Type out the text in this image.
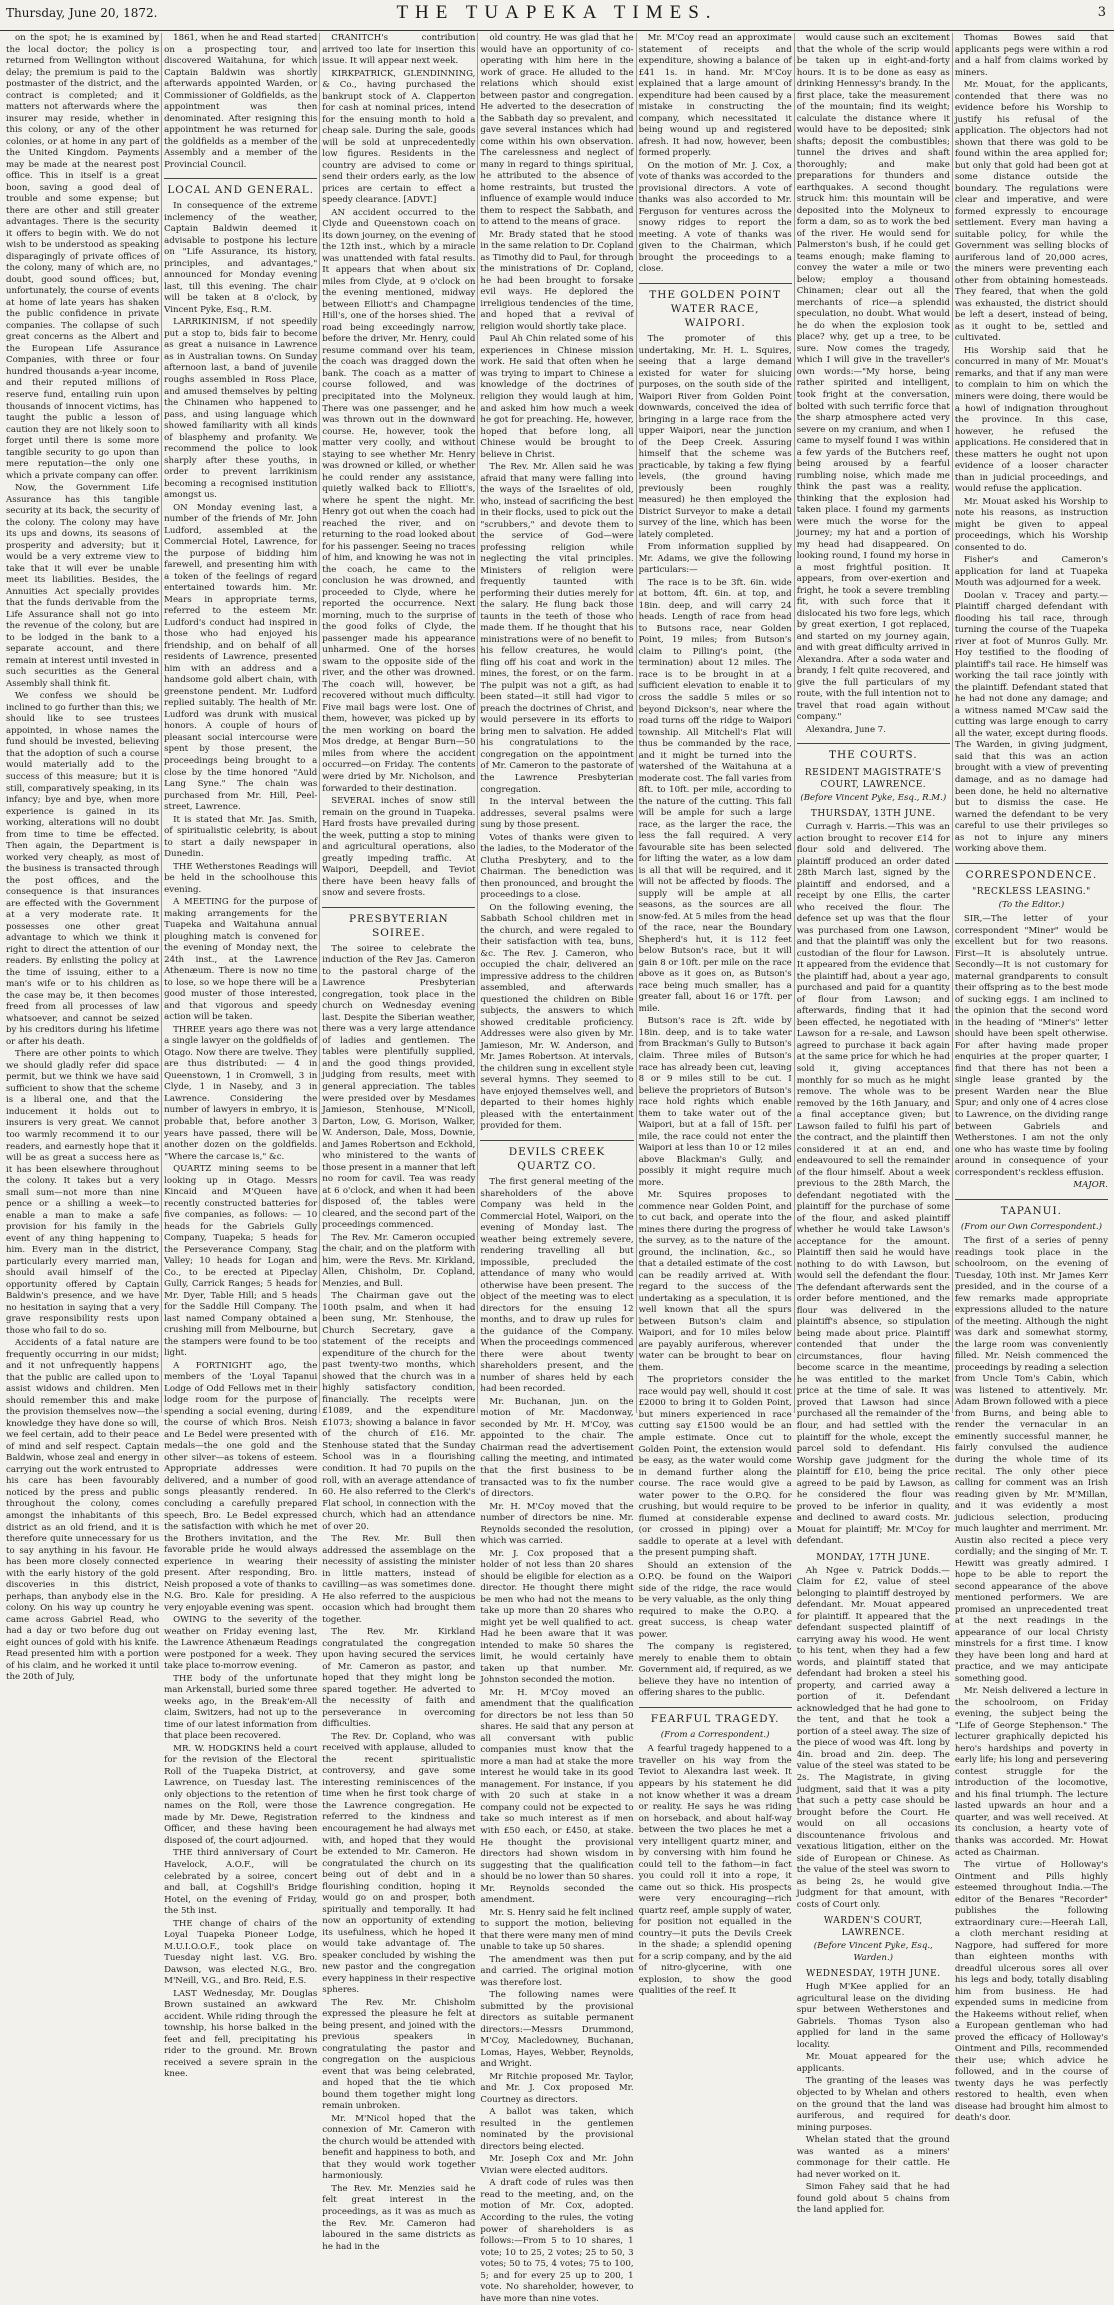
Thursday, June 20, 1872.	THE TUAPEKA TIMES.	3

on the spot; he is examined by the local doctor; the policy is returned from Wellington without delay; the premium is paid to the postmaster of the district, and the contract is completed; and it matters not afterwards where the insurer may reside, whether in this colony, or any of the other colonies, or at home in any part of the United Kingdom. Payments may be made at the nearest post office. This in itself is a great boon, saving a good deal of trouble and some expense; but there are other and still greater advantages. There is the security it offers to begin with. We do not wish to be understood as speaking disparagingly of private offices of the colony, many of which are, no doubt, good sound offices; but, unfortunately, the course of events at home of late years has shaken the public confidence in private companies. The collapse of such great concerns as the Albert and the European Life Assurance Companies, with three or four hundred thousands a-year income, and their reputed millions of reserve fund, entailing ruin upon thousands of innocent victims, has taught the public a lesson of caution they are not likely soon to forget until there is some more tangible security to go upon than mere reputation—the only one which a private company can offer.

Now, the Government Life Assurance has this tangible security at its back, the security of the colony. The colony may have its ups and downs, its seasons of prosperity and adversity; but it would be a very extreme view to take that it will ever be unable meet its liabilities. Besides, the Annuities Act specially provides that the funds derivable from the Life Assurance shall not go into the revenue of the colony, but are to be lodged in the bank to a separate account, and there remain at interest until invested in such securities as the General Assembly shall think fit.

We confess we should be inclined to go further than this; we should like to see trustees appointed, in whose names the fund should be invested, believing that the adoption of such a course would materially add to the success of this measure; but it is still, comparatively speaking, in its infancy; bye and bye, when more experience is gained in its working, alterations will no doubt from time to time be effected. Then again, the Department is worked very cheaply, as most of the business is transacted through the post offices, and the consequence is that insurances are effected with the Government at a very moderate rate. It possesses one other great advantage to which we think it right to direct the attention of our readers. By enlisting the policy at the time of issuing, either to a man's wife or to his children as the case may be, it then becomes freed from all processes of law whatsoever, and cannot be seized by his creditors during his lifetime or after his death.

There are other points to which we should gladly refer did space permit, but we think we have said sufficient to show that the scheme is a liberal one, and that the inducement it holds out to insurers is very great. We cannot too warmly recommend it to our readers, and earnestly hope that it will be as great a success here as it has been elsewhere throughout the colony. It takes but a very small sum—not more than nine pence or a shilling a week—to enable a man to make a safe provision for his family in the event of any thing happening to him. Every man in the district, particularly every married man, should avail himself of the opportunity offered by Captain Baldwin's presence, and we have no hesitation in saying that a very grave responsibility rests upon those who fail to do so.

Accidents of a fatal nature are frequently occurring in our midst; and it not unfrequently happens that the public are called upon to assist widows and children. Men should remember this and make the provision themselves now—the knowledge they have done so will, we feel certain, add to their peace of mind and self respect. Captain Baldwin, whose zeal and energy in carrying out the work entrusted to his care has been favourably noticed by the press and public throughout the colony, comes amongst the inhabitants of this district as an old friend, and it is therefore quite unnecessary for us to say anything in his favour. He has been more closely connected with the early history of the gold discoveries in this district, perhaps, than anybody else in the colony. On his way up country he came across Gabriel Read, who had a day or two before dug out eight ounces of gold with his knife. Read presented him with a portion of his claim, and he worked it until the 20th of July,

1861, when he and Read started on a prospecting tour, and discovered Waitahuna, for which Captain Baldwin was shortly afterwards appointed Warden, or Commissioner of Goldfields, as the appointment was then denominated. After resigning this appointment he was returned for the goldfields as a member of the Assembly and a member of the Provincial Council.

LOCAL AND GENERAL.

In consequence of the extreme inclemency of the weather, Captain Baldwin deemed it advisable to postpone his lecture on "Life Assurance, its history, principles, and advantages," announced for Monday evening last, till this evening. The chair will be taken at 8 o'clock, by Vincent Pyke, Esq., R.M.

LARRIKINISM, if not speedily put a stop to, bids fair to become as great a nuisance in Lawrence as in Australian towns. On Sunday afternoon last, a band of juvenile roughs assembled in Ross Place, and amused themselves by pelting the Chinamen who happened to pass, and using language which showed familiarity with all kinds of blasphemy and profanity. We recommend the police to look sharply after these youths, in order to prevent larrikinism becoming a recognised institution amongst us.

ON Monday evening last, a number of the friends of Mr. John Ludford, assembled at the Commercial Hotel, Lawrence, for the purpose of bidding him farewell, and presenting him with a token of the feelings of regard entertained towards him. Mr. Mears in appropriate terms, referred to the esteem Mr. Ludford's conduct had inspired in those who had enjoyed his friendship, and on behalf of all residents of Lawrence, presented him with an address and a handsome gold albert chain, with greenstone pendent. Mr. Ludford replied suitably. The health of Mr. Ludford was drunk with musical honors. A couple of hours of pleasant social intercourse were spent by those present, the proceedings being brought to a close by the time honored "Auld Lang Syne." The chain was purchased from Mr. Hill, Peel-street, Lawrence.

It is stated that Mr. Jas. Smith, of spiritualistic celebrity, is about to start a daily newspaper in Dunedin.

THE Wetherstones Readings will be held in the schoolhouse this evening.

A MEETING for the purpose of making arrangements for the Tuapeka and Waitahuna annual ploughing match is convened for the evening of Monday next, the 24th inst., at the Lawrence Athenæum. There is now no time to lose, so we hope there will be a good muster of those interested, and that vigorous and speedy action will be taken.

THREE years ago there was not a single lawyer on the goldfields of Otago. Now there are twelve. They are thus distributed: — 4 in Queenstown, 1 in Cromwell, 3 in Clyde, 1 in Naseby, and 3 in Lawrence. Considering the number of lawyers in embryo, it is probable that, before another 3 years have passed, there will be another dozen on the goldfields. "Where the carcase is," &c.

QUARTZ mining seems to be looking up in Otago. Messrs Kincaid and M'Queen have recently constructed batteries for five companies, as follows: — 10 heads for the Gabriels Gully Company, Tuapeka; 5 heads for the Perseverance Company, Stag Valley; 10 heads for Logan and Co., to be erected at Pipeclay Gully, Carrick Ranges; 5 heads for Mr. Dyer, Table Hill; and 5 heads for the Saddle Hill Company. The last named Company obtained a crushing mill from Melbourne, but the stampers were found to be too light.

A FORTNIGHT ago, the members of the 'Loyal Tapanui Lodge of Odd Fellows met in their lodge room for the purpose of spending a social evening, during the course of which Bros. Neish and Le Bedel were presented with medals—the one gold and the other silver—as tokens of esteem. Appropriate addresses were delivered, and a number of good songs pleasantly rendered. In concluding a carefully prepared speech, Bro. Le Bedel expressed the satisfaction with which he met the Brothers invitation, and the favorable pride he would always experience in wearing their present. After responding, Bro. Neish proposed a vote of thanks to N.G. Bro. Kale for presiding. A very enjoyable evening was spent.

OWING to the severity of the weather on Friday evening last, the Lawrence Athenæum Readings were postponed for a week. They take place to-morrow evening.

THE body of the unfortunate man Arkenstall, buried some three weeks ago, in the Break'em-All claim, Switzers, had not up to the time of our latest information from that place been recovered.

MR. W. HODGKINS held a court for the revision of the Electoral Roll of the Tuapeka District, at Lawrence, on Tuesday last. The only objections to the retention of names on the Roll, were those made by Mr. Dewe, Registration Officer, and these having been disposed of, the court adjourned.

THE third anniversary of Court Havelock, A.O.F., will be celebrated by a soiree, concert and ball, at Cogshill's Bridge Hotel, on the evening of Friday, the 5th inst.

THE change of chairs of the Loyal Tuapeka Pioneer Lodge, M.U.I.O.O.F., took place on Tuesday night last. V.G. Bro. Dawson, was elected N.G., Bro. M'Neill, V.G., and Bro. Reid, E.S.

LAST Wednesday, Mr. Douglas Brown sustained an awkward accident. While riding through the township, his horse balked in the feet and fell, precipitating his rider to the ground. Mr. Brown received a severe sprain in the knee.

CRANITCH's contribution arrived too late for insertion this issue. It will appear next week.

KIRKPATRICK, GLENDINNING, & Co., having purchased the bankrupt stock of A. Clapperton for cash at nominal prices, intend for the ensuing month to hold a cheap sale. During the sale, goods will be sold at unprecedentedly low figures. Residents in the country are advised to come or send their orders early, as the low prices are certain to effect a speedy clearance. [ADVT.]

AN accident occurred to the Clyde and Queenstown coach on its down journey, on the evening of the 12th inst., which by a miracle was unattended with fatal results. It appears that when about six miles from Clyde, at 9 o'clock on the evening mentioned, midway between Elliott's and Champagne Hill's, one of the horses shied. The road being exceedingly narrow, before the driver, Mr. Henry, could resume command over his team, the coach was dragged down the bank. The coach as a matter of course followed, and was precipitated into the Molyneux. There was one passenger, and he was thrown out in the downward course. He, however, took the matter very coolly, and without staying to see whether Mr. Henry was drowned or killed, or whether he could render any assistance, quietly walked back to Elliott's, where he spent the night. Mr. Henry got out when the coach had reached the river, and on returning to the road looked about for his passenger. Seeing no traces of him, and knowing he was not in the coach, he came to the conclusion he was drowned, and proceeded to Clyde, where he reported the occurrence. Next morning, much to the surprise of the good folks of Clyde, the passenger made his appearance unharmed. One of the horses swam to the opposite side of the river, and the other was drowned. The coach will, however, be recovered without much difficulty. Five mail bags were lost. One of them, however, was picked up by the men working on board the Mos dredge, at Bengar Burn—50 miles from where the accident occurred—on Friday. The contents were dried by Mr. Nicholson, and forwarded to their destination.

SEVERAL inches of snow still remain on the ground in Tuapeka. Hard frosts have prevailed during the week, putting a stop to mining and agricultural operations, also greatly impeding traffic. At Waipori, Deepdell, and Teviot there have been heavy falls of snow and severe frosts.

PRESBYTERIAN SOIREE.

The soiree to celebrate the induction of the Rev Jas. Cameron to the pastoral charge of the Lawrence Presbyterian congregation, took place in the church on Wednesday evening last. Despite the Siberian weather, there was a very large attendance of ladies and gentlemen. The tables were plentifully supplied, and the good things provided, judging from results, meet with general appreciation. The tables were presided over by Mesdames Jamieson, Stenhouse, M'Nicoll, Darton, Low, G. Morison, Walker, W. Anderson, Dale, Moss, Downie, and James Robertson and Eckhold, who ministered to the wants of those present in a manner that left no room for cavil. Tea was ready at 6 o'clock, and when it had been disposed of, the tables were cleared, and the second part of the proceedings commenced.

The Rev. Mr. Cameron occupied the chair, and on the platform with him, were the Revs. Mr. Kirkland, Allen, Chisholm, Dr. Copland, Menzies, and Bull.

The Chairman gave out the 100th psalm, and when it had been sung, Mr. Stenhouse, the Church Secretary, gave a statement of the receipts and expenditure of the church for the past twenty-two months, which showed that the church was in a highly satisfactory condition, financially. The receipts were £1089, and the expenditure £1073; showing a balance in favor of the church of £16. Mr. Stenhouse stated that the Sunday School was in a flourishing condition. It had 70 pupils on the roll, with an average attendance of 60. He also referred to the Clerk's Flat school, in connection with the church, which had an attendance of over 20.

The Rev. Mr. Bull then addressed the assemblage on the necessity of assisting the minister in little matters, instead of cavilling—as was sometimes done. He also referred to the auspicious occasion which had brought them together.

The Rev. Mr. Kirkland congratulated the congregation upon having secured the services of Mr. Cameron as pastor, and hoped that they might long be spared together. He adverted to the necessity of faith and perseverance in overcoming difficulties.

The Rev. Dr. Copland, who was received with applause, alluded to the recent spiritualistic controversy, and gave some interesting reminiscences of the time when he first took charge of the Lawrence congregation. He referred to the kindness and encouragement he had always met with, and hoped that they would be extended to Mr. Cameron. He congratulated the church on its being out of debt and in a flourishing condition, hoping it would go on and prosper, both spiritually and temporally. It had now an opportunity of extending its usefulness, which he hoped it would take advantage of. The speaker concluded by wishing the new pastor and the congregation every happiness in their respective spheres.

The Rev. Mr. Chisholm expressed the pleasure he felt at being present, and joined with the previous speakers in congratulating the pastor and congregation on the auspicious event that was being celebrated, and hoped that the tie which bound them together might long remain unbroken.

Mr. M'Nicol hoped that the connexion of Mr. Cameron with the church would be attended with benefit and happiness to both, and that they would work together harmoniously.

The Rev. Mr. Menzies said he felt great interest in the proceedings, as it was as much as the Rev. Mr. Cameron had laboured in the same districts as he had in the

old country. He was glad that he would have an opportunity of co-operating with him here in the work of grace. He alluded to the relations which should exist between pastor and congregation. He adverted to the desecration of the Sabbath day so prevalent, and gave several instances which had come within his own observation. The carelessness and neglect of many in regard to things spiritual, he attributed to the absence of home restraints, but trusted the influence of example would induce them to respect the Sabbath, and to attend to the means of grace.

Mr. Brady stated that he stood in the same relation to Dr. Copland as Timothy did to Paul, for through the ministrations of Dr. Copland, he had been brought to forsake evil ways. He deplored the irreligious tendencies of the time, and hoped that a revival of religion would shortly take place.

Paul Ah Chin related some of his experiences in Chinese mission work. He said that often when he was trying to impart to Chinese a knowledge of the doctrines of religion they would laugh at him, and asked him how much a week he got for preaching. He, however, hoped that before long, all Chinese would be brought to believe in Christ.

The Rev. Mr. Allen said he was afraid that many were falling into the ways of the Israelites of old, who, instead of sacrificing the best in their flocks, used to pick out the "scrubbers," and devote them to the service of God—were professing religion while neglecting the vital principles. Ministers of religion were frequently taunted with performing their duties merely for the salary. He flung back those taunts in the teeth of those who made them. If he thought that his ministrations were of no benefit to his fellow creatures, he would fling off his coat and work in the mines, the forest, or on the farm. The pulpit was not a gift, as had been stated—it still had vigor to preach the doctrines of Christ, and would persevere in its efforts to bring men to salvation. He added his congratulations to the congregation on the appointment of Mr. Cameron to the pastorate of the Lawrence Presbyterian congregation.

In the interval between the addresses, several psalms were sung by those present.

Votes of thanks were given to the ladies, to the Moderator of the Clutha Presbytery, and to the Chairman. The benediction was then pronounced, and brought the proceedings to a close.

On the following evening, the Sabbath School children met in the church, and were regaled to their satisfaction with tea, buns, &c. The Rev. J. Cameron, who occupied the chair, delivered an impressive address to the children assembled, and afterwards questioned the children on Bible subjects, the answers to which showed creditable proficiency. Addresses were also given by Mr. Jamieson, Mr. W. Anderson, and Mr. James Robertson. At intervals, the children sung in excellent style several hymns. They seemed to have enjoyed themselves well, and departed to their homes highly pleased with the entertainment provided for them.

DEVILS CREEK QUARTZ CO.

The first general meeting of the shareholders of the above Company was held in the Commercial Hotel, Waipori, on the evening of Monday last. The weather being extremely severe, rendering travelling all but impossible, precluded the attendance of many who would otherwise have been present. The object of the meeting was to elect directors for the ensuing 12 months, and to draw up rules for the guidance of the Company. When the proceedings commenced there were about twenty shareholders present, and the number of shares held by each had been recorded.

Mr. Buchanan, jun. on the motion of Mr. Macdonway, seconded by Mr. H. M'Coy, was appointed to the chair. The Chairman read the advertisement calling the meeting, and intimated that the first business to be transacted was to fix the number of directors.

Mr. H. M'Coy moved that the number of directors be nine. Mr. Reynolds seconded the resolution, which was carried.

Mr. J. Cox proposed that a holder of not less than 20 shares should be eligible for election as a director. He thought there might be men who had not the means to take up more than 20 shares who might yet be well qualified to act. Had he been aware that it was intended to make 50 shares the limit, he would certainly have taken up that number. Mr. Johnston seconded the motion.

Mr. H. M'Coy moved an amendment that the qualification for directors be not less than 50 shares. He said that any person at all conversant with public companies must know that the more a man had at stake the more interest he would take in its good management. For instance, if you with 20 such at stake in a company could not be expected to take so much interest as if men with £50 each, or £450, at stake. He thought the provisional directors had shown wisdom in suggesting that the qualification should be no lower than 50 shares. Mr. Reynolds seconded the amendment.

Mr. S. Henry said he felt inclined to support the motion, believing that there were many men of mind unable to take up 50 shares.

The amendment was then put and carried. The original motion was therefore lost.

The following names were submitted by the provisional directors as suitable permanent directors:—Messrs Drummond, M'Coy, Macledowney, Buchanan, Lomas, Hayes, Webber, Reynolds, and Wright.

Mr Ritchie proposed Mr. Taylor, and Mr. J. Cox proposed Mr. Courtney as directors.

A ballot was taken, which resulted in the gentlemen nominated by the provisional directors being elected.

Mr. Joseph Cox and Mr. John Vivian were elected auditors.

A draft code of rules was then read to the meeting, and, on the motion of Mr. Cox, adopted. According to the rules, the voting power of shareholders is as follows:—From 5 to 10 shares, 1 vote; 10 to 25, 2 votes; 25 to 50, 3 votes; 50 to 75, 4 votes; 75 to 100, 5; and for every 25 up to 200, 1 vote. No shareholder, however, to have more than nine votes.

Mr. M'Coy read an approximate statement of receipts and expenditure, showing a balance of £41 1s. in hand. Mr. M'Coy explained that a large amount of expenditure had been caused by a mistake in constructing the company, which necessitated it being wound up and registered afresh. It had now, however, been formed properly.

On the motion of Mr. J. Cox, a vote of thanks was accorded to the provisional directors. A vote of thanks was also accorded to Mr. Ferguson for ventures across the snowy ridges to report the meeting. A vote of thanks was given to the Chairman, which brought the proceedings to a close.

THE GOLDEN POINT WATER RACE, WAIPORI.

The promoter of this undertaking, Mr. H. L. Squires, seeing that a large demand existed for water for sluicing purposes, on the south side of the Waipori River from Golden Point downwards, conceived the idea of bringing in a large race from the upper Waipori, near the junction of the Deep Creek. Assuring himself that the scheme was practicable, by taking a few flying levels, (the ground having previously been roughly measured) he then employed the District Surveyor to make a detail survey of the line, which has been lately completed.

From information supplied by Mr. Adams, we give the following particulars:—

The race is to be 3ft. 6in. wide at bottom, 4ft. 6in. at top, and 18in. deep, and will carry 24 heads. Length of race from head to Butsons race, near Golden Point, 19 miles; from Butson's claim to Pilling's point, (the termination) about 12 miles. The race is to be brought in at a sufficient elevation to enable it to cross the saddle 5 miles or so beyond Dickson's, near where the road turns off the ridge to Waipori township. All Mitchell's Flat will thus be commanded by the race, and it might be turned into the watershed of the Waitahuna at a moderate cost. The fall varies from 8ft. to 10ft. per mile, according to the nature of the cutting. This fall will be ample for such a large race, as the larger the race, the less the fall required. A very favourable site has been selected for lifting the water, as a low dam is all that will be required, and it will not be affected by floods. The supply will be ample at all seasons, as the sources are all snow-fed. At 5 miles from the head of the race, near the Boundary Shepherd's hut, it is 112 feet below Butson's race, but it will gain 8 or 10ft. per mile on the race above as it goes on, as Butson's race being much smaller, has a greater fall, about 16 or 17ft. per mile.

Butson's race is 2ft. wide by 18in. deep, and is to take water from Brackman's Gully to Butson's claim. Three miles of Butson's race has already been cut, leaving 8 or 9 miles still to be cut. I believe the proprietors of Butson's race hold rights which enable them to take water out of the Waipori, but at a fall of 15ft. per mile, the race could not enter the Waipori at less than 10 or 12 miles above Blackman's Gully, and possibly it might require much more.

Mr. Squires proposes to commence near Golden Point, and to cut back, and operate into the mines there during the progress of the survey, as to the nature of the ground, the inclination, &c., so that a detailed estimate of the cost can be readily arrived at. With regard to the success of the undertaking as a speculation, it is well known that all the spurs between Butson's claim and Waipori, and for 10 miles below are payably auriferous, wherever water can be brought to bear on them.

The proprietors consider the race would pay well, should it cost £2000 to bring it to Golden Point, but miners experienced in race cutting say £1500 would be an ample estimate. Once cut to Golden Point, the extension would be easy, as the water would come in demand further along the course. The race would give a water power to the O.P.Q. for crushing, but would require to be flumed at considerable expense (or crossed in piping) over a saddle to operate at a level with the present pumping shaft.

Should an extension of the O.P.Q. be found on the Waipori side of the ridge, the race would be very valuable, as the only thing required to make the O.P.Q. a great success, is cheap water power.

The company is registered, merely to enable them to obtain Government aid, if required, as we believe they have no intention of offering shares to the public.

FEARFUL TRAGEDY.

(From a Correspondent.)

A fearful tragedy happened to a traveller on his way from the Teviot to Alexandra last week. It appears by his statement he did not know whether it was a dream or reality. He says he was riding on horseback, and about half-way between the two places he met a very intelligent quartz miner, and by conversing with him found he could tell to the fathom—in fact you could roll it into a rope, it came out so thick. His prospects were very encouraging—rich quartz reef, ample supply of water, for position not equalled in the country—it puts the Devils Creek in the shade; a splendid opening for a scrip company, and by the aid of nitro-glycerine, with one explosion, to show the good qualities of the reef. It

would cause such an excitement that the whole of the scrip would be taken up in eight-and-forty hours. It is to be done as easy as drinking Hennessy's brandy. In the first place, take the measurement of the mountain; find its weight; calculate the distance where it would have to be deposited; sink shafts; deposit the combustibles; tunnel the drives and shaft thoroughly; and make preparations for thunders and earthquakes. A second thought struck him: this mountain will be deposited into the Molyneux to form a dam, so as to work the bed of the river. He would send for Palmerston's bush, if he could get teams enough; make flaming to convey the water a mile or two below; employ a thousand Chinamen; clear out all the merchants of rice—a splendid speculation, no doubt. What would he do when the explosion took place? why, get up a tree, to be sure. Now comes the tragedy, which I will give in the traveller's own words:—"My horse, being rather spirited and intelligent, took fright at the conversation, bolted with such terrific force that the sharp atmosphere acted very severe on my cranium, and when I came to myself found I was within a few yards of the Butchers reef, being aroused by a fearful rumbling noise, which made me think the past was a reality, thinking that the explosion had taken place. I found my garments were much the worse for the journey; my hat and a portion of my head had disappeared. On looking round, I found my horse in a most frightful position. It appears, from over-exertion and fright, he took a severe trembling fit, with such force that it dislocated his two fore legs, which by great exertion, I got replaced, and started on my journey again, and with great difficulty arrived in Alexandra. After a soda water and brandy, I felt quite recovered, and give the full particulars of my route, with the full intention not to travel that road again without company."

Alexandra, June 7.

THE COURTS.
RESIDENT MAGISTRATE'S COURT, LAWRENCE.

(Before Vincent Pyke, Esq., R.M.)

THURSDAY, 13TH JUNE.

Curragh v. Harris.—This was an action brought to recover £14 for flour sold and delivered. The plaintiff produced an order dated 28th March last, signed by the plaintiff and endorsed, and a receipt by one Ellis, the carter who received the flour. The defence set up was that the flour was purchased from one Lawson, and that the plaintiff was only the custodian of the flour for Lawson. It appeared from the evidence that the plaintiff had, about a year ago, purchased and paid for a quantity of flour from Lawson; and afterwards, finding that it had been effected, he negotiated with Lawson for a re-sale, and Lawson agreed to purchase it back again at the same price for which he had sold it, giving acceptances monthly for so much as he might remove. The whole was to be removed by the 16th January, and a final acceptance given; but Lawson failed to fulfil his part of the contract, and the plaintiff then considered it at an end, and endeavoured to sell the remainder of the flour himself. About a week previous to the 28th March, the defendant negotiated with the plaintiff for the purchase of some of the flour, and asked plaintiff whether he would take Lawson's acceptance for the amount. Plaintiff then said he would have nothing to do with Lawson, but would sell the defendant the flour. The defendant afterwards sent the order before mentioned, and the flour was delivered in the plaintiff's absence, so stipulation being made about price. Plaintiff contended that under the circumstances, flour having become scarce in the meantime, he was entitled to the market price at the time of sale. It was proved that Lawson had since purchased all the remainder of the flour, and had settled with the plaintiff for the whole, except the parcel sold to defendant. His Worship gave judgment for the plaintiff for £10, being the price agreed to be paid by Lawson, as he considered the flour was proved to be inferior in quality, and declined to award costs. Mr. Mouat for plaintiff; Mr. M'Coy for defendant.

MONDAY, 17TH JUNE.

Ah Ngee v. Patrick Dodds.—Claim for £2, value of steel belonging to plaintiff destroyed by defendant. Mr. Mouat appeared for plaintiff. It appeared that the defendant suspected plaintiff of carrying away his wood. He went to his tent, when they had a few words, and plaintiff stated that defendant had broken a steel his property, and carried away a portion of it. Defendant acknowledged that he had gone to the tent, and that he took a portion of a steel away. The size of the piece of wood was 4ft. long by 4in. broad and 2in. deep. The value of the steel was stated to be 2s. The Magistrate, in giving judgment, said that it was a pity that such a petty case should be brought before the Court. He would on all occasions discountenance frivolous and vexatious litigation, either on the side of European or Chinese. As the value of the steel was sworn to as being 2s, he would give judgment for that amount, with costs of Court only.

WARDEN'S COURT, LAWRENCE.

(Before Vincent Pyke, Esq., Warden.)

WEDNESDAY, 19TH JUNE.

Hugh M'Kee applied for an agricultural lease on the dividing spur between Wetherstones and Gabriels. Thomas Tyson also applied for land in the same locality.

Mr. Mouat appeared for the applicants.

The granting of the leases was objected to by Whelan and others on the ground that the land was auriferous, and required for mining purposes.

Whelan stated that the ground was wanted as a miners' commonage for their cattle. He had never worked on it.

Simon Fahey said that he had found gold about 5 chains from the land applied for.

Thomas Bowes said that applicants pegs were within a rod and a half from claims worked by miners.

Mr. Mouat, for the applicants, contended that there was no evidence before his Worship to justify his refusal of the application. The objectors had not shown that there was gold to be found within the area applied for; but only that gold had been got at some distance outside the boundary. The regulations were clear and imperative, and were formed expressly to encourage settlement. Every man having a suitable policy, for while the Government was selling blocks of auriferous land of 20,000 acres, the miners were preventing each other from obtaining homesteads. They feared, that when the gold was exhausted, the district should be left a desert, instead of being, as it ought to be, settled and cultivated.

His Worship said that he concurred in many of Mr. Mouat's remarks, and that if any man were to complain to him on which the miners were doing, there would be a howl of indignation throughout the province. In this case, however, he refused the applications. He considered that in these matters he ought not upon evidence of a looser character than in judicial proceedings, and would refuse the application.

Mr. Mouat asked his Worship to note his reasons, as instruction might be given to appeal proceedings, which his Worship consented to do.

Fisher's and Cameron's application for land at Tuapeka Mouth was adjourned for a week.

Doolan v. Tracey and party.—Plaintiff charged defendant with flooding his tail race, through turning the course of the Tuapeka river at foot of Munros Gully. Mr. Hoy testified to the flooding of plaintiff's tail race. He himself was working the tail race jointly with the plaintiff. Defendant stated that he had not done any damage; and a witness named M'Caw said the cutting was large enough to carry all the water, except during floods. The Warden, in giving judgment, said that this was an action brought with a view of preventing damage, and as no damage had been done, he held no alternative but to dismiss the case. He warned the defendant to be very careful to use their privileges so as not to injure any miners working above them.

CORRESPONDENCE.
"RECKLESS LEASING."

(To the Editor.)

SIR,—The letter of your correspondent "Miner" would be excellent but for two reasons. First—It is absolutely untrue. Secondly—It is not customary for maternal grandparents to consult their offspring as to the best mode of sucking eggs. I am inclined to the opinion that the second word in the heading of "Miner's" letter should have been spelt otherwise. For after having made proper enquiries at the proper quarter, I find that there has not been a single lease granted by the present Warden near the Blue Spur; and only one of 4 acres close to Lawrence, on the dividing range between Gabriels and Wetherstones. I am not the only one who has waste time by fooling around in consequence of your correspondent's reckless effusion.

MAJOR.

TAPANUI.

(From our Own Correspondent.)

The first of a series of penny readings took place in the schoolroom, on the evening of Tuesday, 10th inst. Mr James Kerr presided, and in the course of a few remarks made appropriate expressions alluded to the nature of the meeting. Although the night was dark and somewhat stormy, the large room was conveniently filled. Mr. Neish commenced the proceedings by reading a selection from Uncle Tom's Cabin, which was listened to attentively. Mr. Adam Brown followed with a piece from Burns, and being able to render the vernacular in an eminently successful manner, he fairly convulsed the audience during the whole time of its recital. The only other piece calling for comment was an Irish reading given by Mr. M'Millan, and it was evidently a most judicious selection, producing much laughter and merriment. Mr. Austin also recited a piece very cordially; and the singing of Mr. T. Hewitt was greatly admired. I hope to be able to report the second appearance of the above mentioned performers. We are promised an unprecedented treat at the next readings in the appearance of our local Christy minstrels for a first time. I know they have been long and hard at practice, and we may anticipate something good.

Mr. Neish delivered a lecture in the schoolroom, on Friday evening, the subject being the "Life of George Stephenson." The lecturer graphically depicted his hero's hardships and poverty in early life; his long and persevering contest struggle for the introduction of the locomotive, and his final triumph. The lecture lasted upwards an hour and a quarter, and was well received. At its conclusion, a hearty vote of thanks was accorded. Mr. Howat acted as Chairman.

The virtue of Holloway's Ointment and Pills highly esteemed throughout India.—The editor of the Benares "Recorder" publishes the following extraordinary cure:—Heerah Lall, a cloth merchant residing at Nagpore, had suffered for more than eighteen months with dreadful ulcerous sores all over his legs and body, totally disabling him from business. He had expended sums in medicine from the Hakeems without relief, when a European gentleman who had proved the efficacy of Holloway's Ointment and Pills, recommended their use; which advice he followed, and in the course of twenty days he was perfectly restored to health, even when disease had brought him almost to death's door.
